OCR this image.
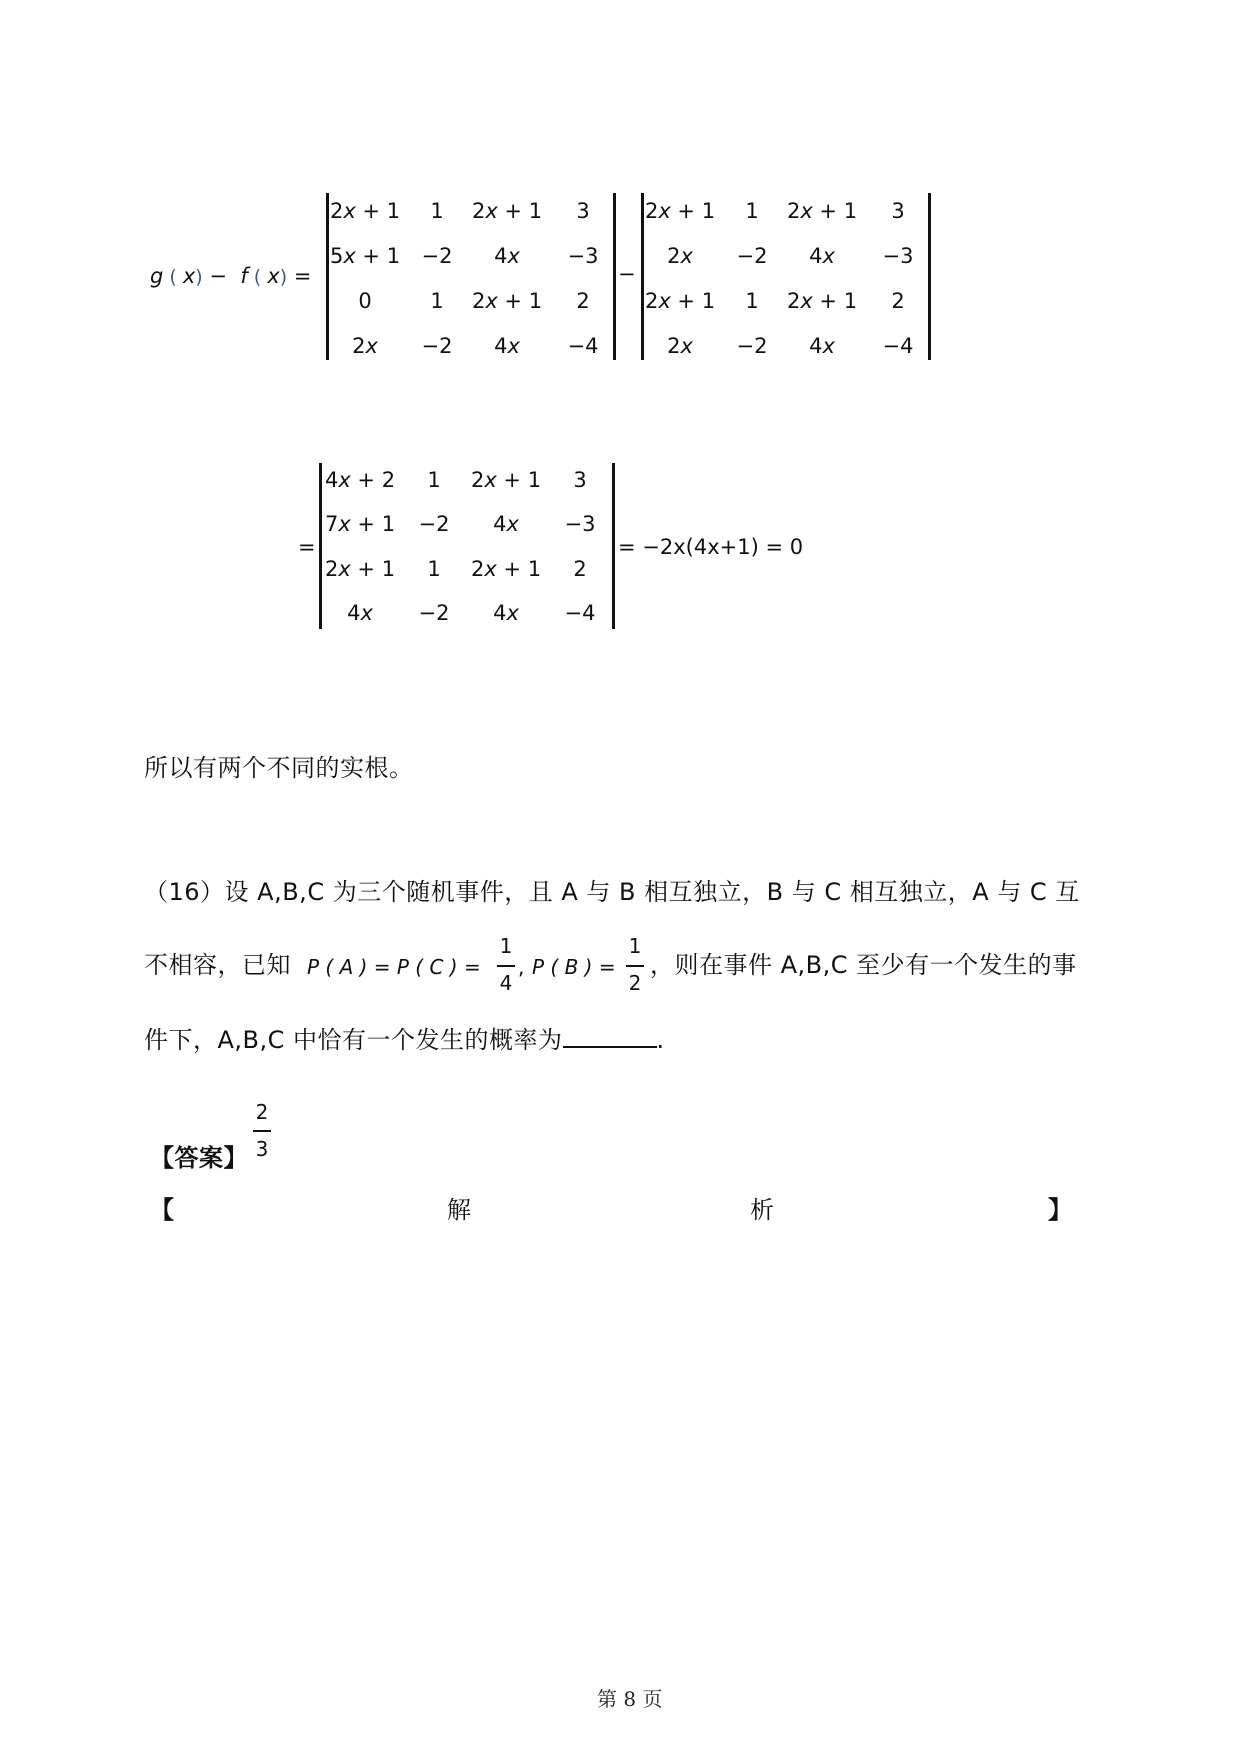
g ( x) − f ( x) =
2x + 1	1	2x + 1	3
5x + 1	−2	4x	−3
0	1	2x + 1	2
2x	−2	4x	−4
−
2x + 1	1	2x + 1	3
2x	−2	4x	−3
2x + 1	1	2x + 1	2
2x	−2	4x	−4
=
4x + 2	1	2x + 1	3
7x + 1	−2	4x	−3
2x + 1	1	2x + 1	2
4x	−2	4x	−4
= −2x(4x+1) = 0
所以有两个不同的实根。
（16）设 A,B,C 为三个随机事件，且 A 与 B 相互独立，B 与 C 相互独立，A 与 C 互
不相容，已知 P ( A ) = P ( C ) =
1
4
, P ( B ) =
1
2
，则在事件 A,B,C 至少有一个发生的事
件下，A,B,C 中恰有一个发生的概率为	.
【答案】
2
3
【	解	析	】
第 8 页
